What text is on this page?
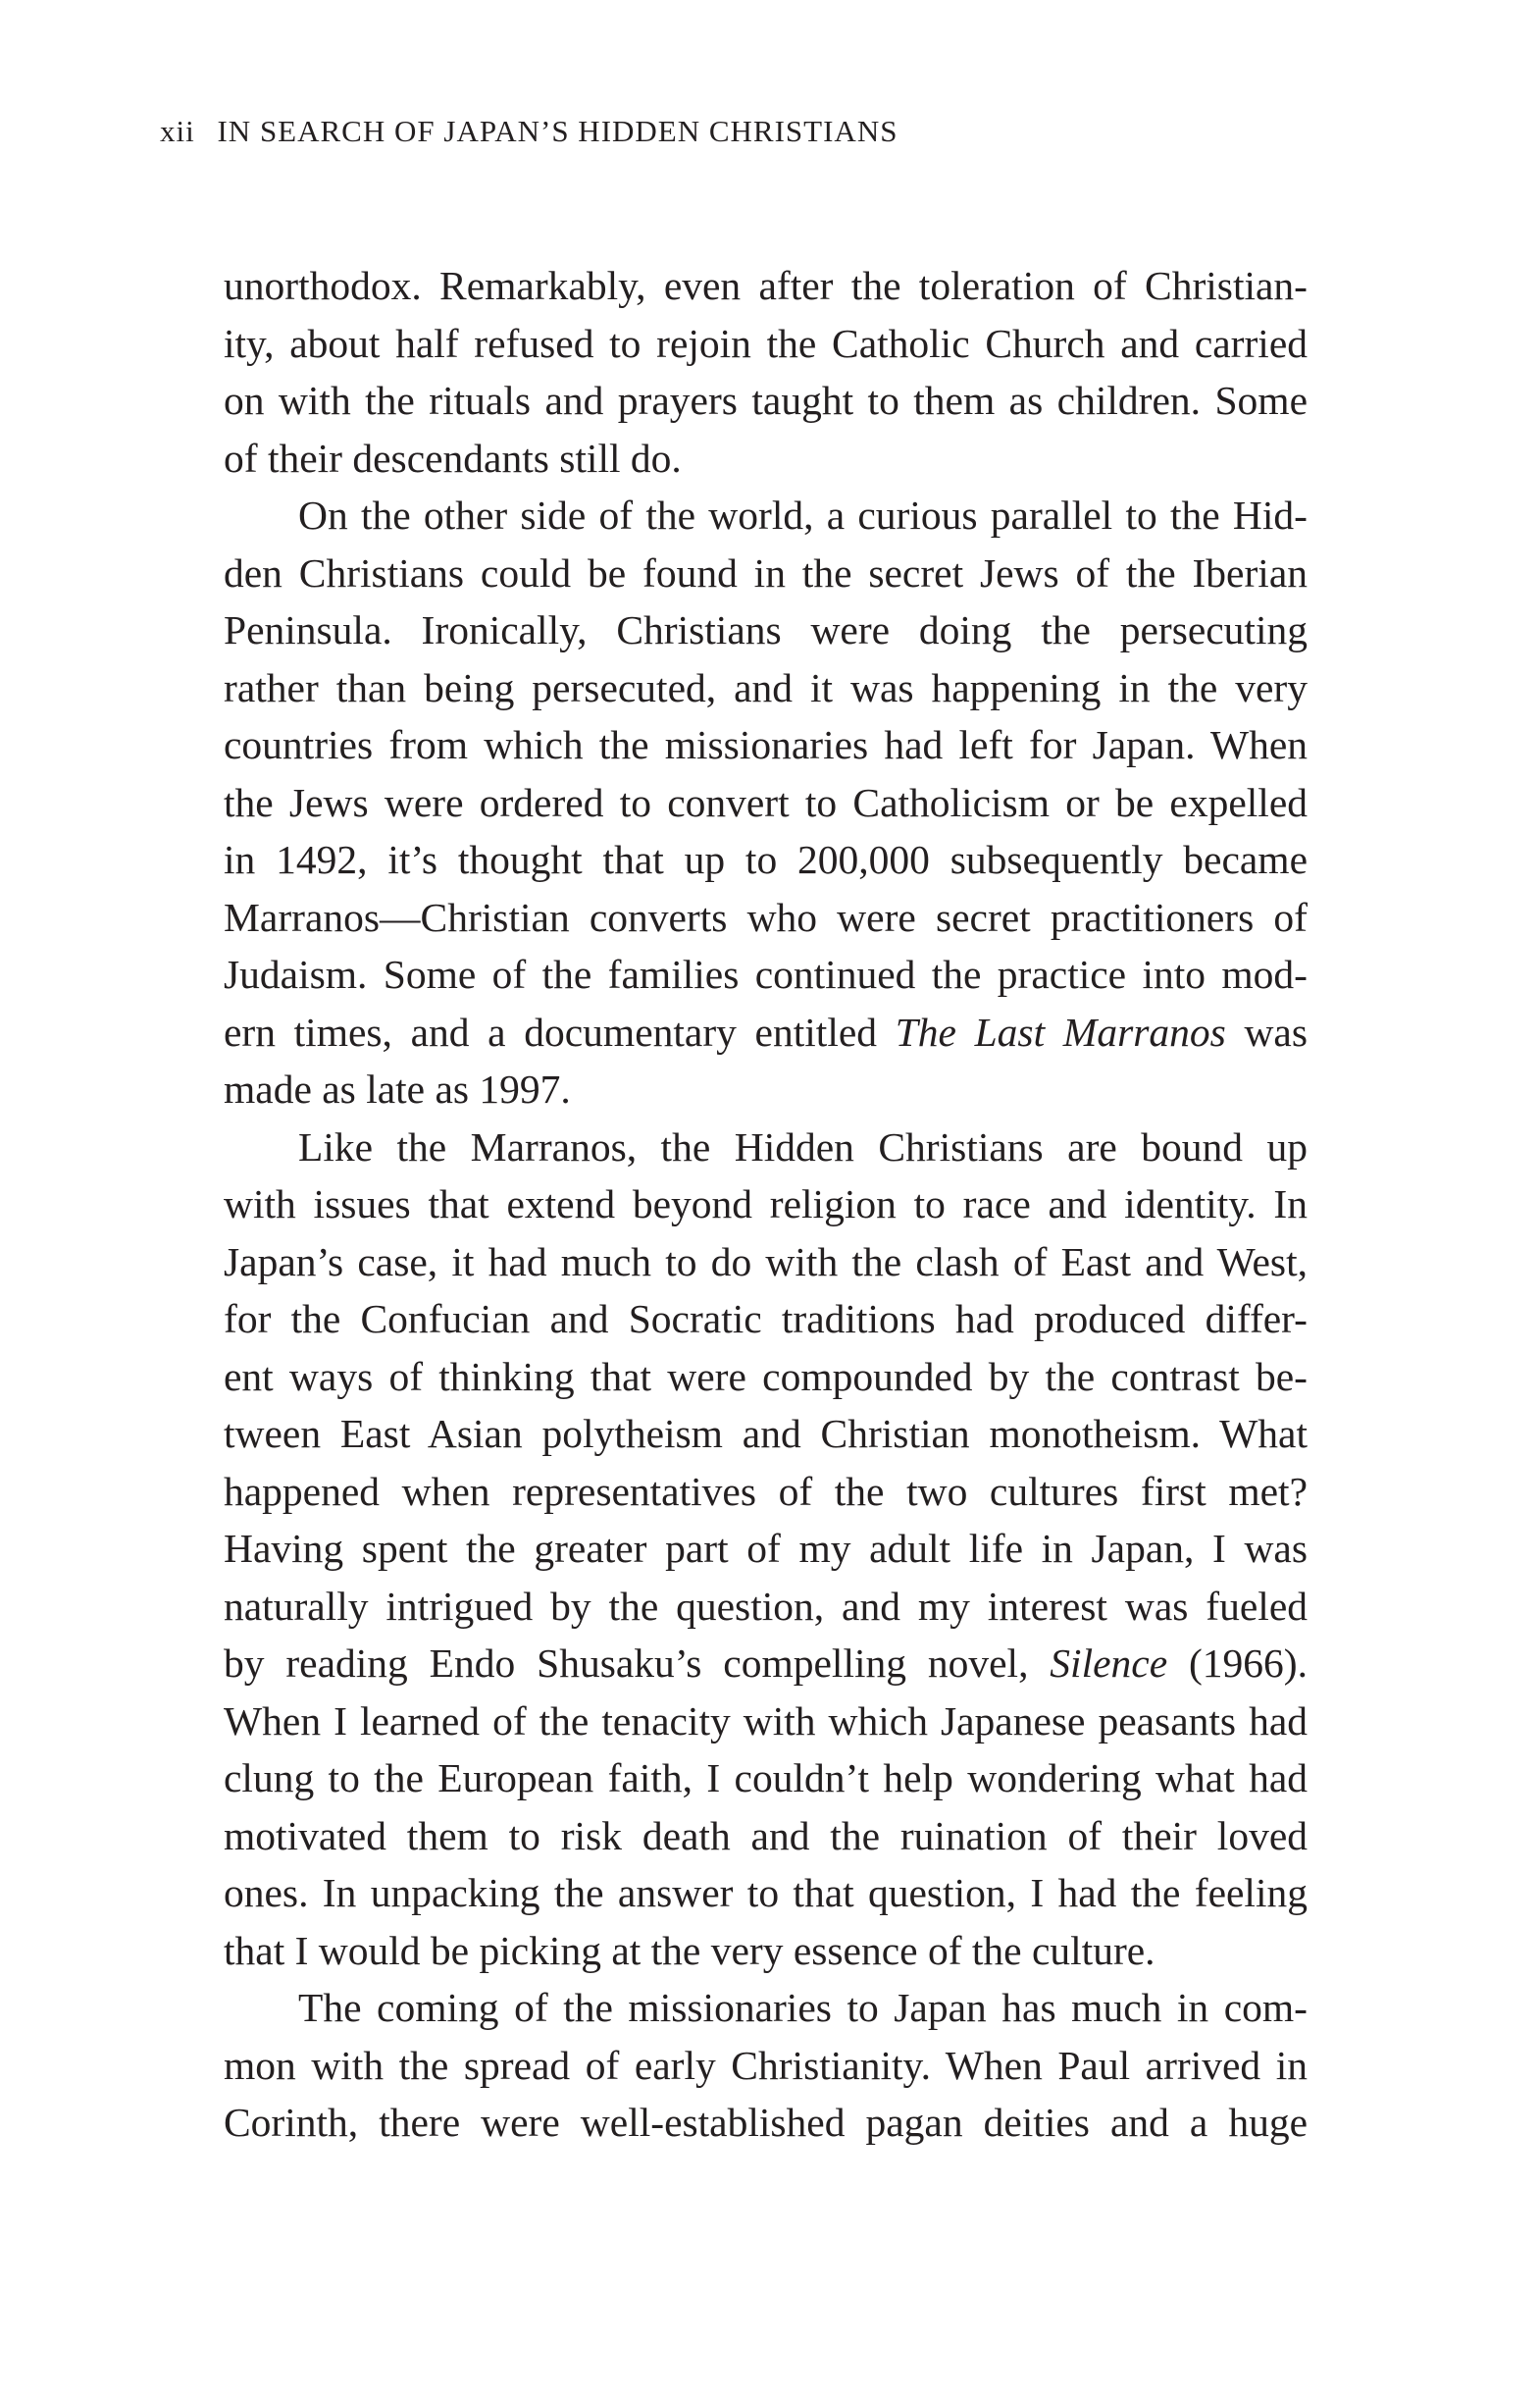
xii IN SEARCH OF JAPAN’S HIDDEN CHRISTIANS
unorthodox. Remarkably, even after the toleration of Christian-
ity, about half refused to rejoin the Catholic Church and carried
on with the rituals and prayers taught to them as children. Some
of their descendants still do.
On the other side of the world, a curious parallel to the Hid-
den Christians could be found in the secret Jews of the Iberian
Peninsula. Ironically, Christians were doing the persecuting
rather than being persecuted, and it was happening in the very
countries from which the missionaries had left for Japan. When
the Jews were ordered to convert to Catholicism or be expelled
in 1492, it’s thought that up to 200,000 subsequently became
Marranos—Christian converts who were secret practitioners of
Judaism. Some of the families continued the practice into mod-
ern times, and a documentary entitled The Last Marranos was
made as late as 1997.
Like the Marranos, the Hidden Christians are bound up
with issues that extend beyond religion to race and identity. In
Japan’s case, it had much to do with the clash of East and West,
for the Confucian and Socratic traditions had produced differ-
ent ways of thinking that were compounded by the contrast be-
tween East Asian polytheism and Christian monotheism. What
happened when representatives of the two cultures first met?
Having spent the greater part of my adult life in Japan, I was
naturally intrigued by the question, and my interest was fueled
by reading Endo Shusaku’s compelling novel, Silence (1966).
When I learned of the tenacity with which Japanese peasants had
clung to the European faith, I couldn’t help wondering what had
motivated them to risk death and the ruination of their loved
ones. In unpacking the answer to that question, I had the feeling
that I would be picking at the very essence of the culture.
The coming of the missionaries to Japan has much in com-
mon with the spread of early Christianity. When Paul arrived in
Corinth, there were well-established pagan deities and a huge
